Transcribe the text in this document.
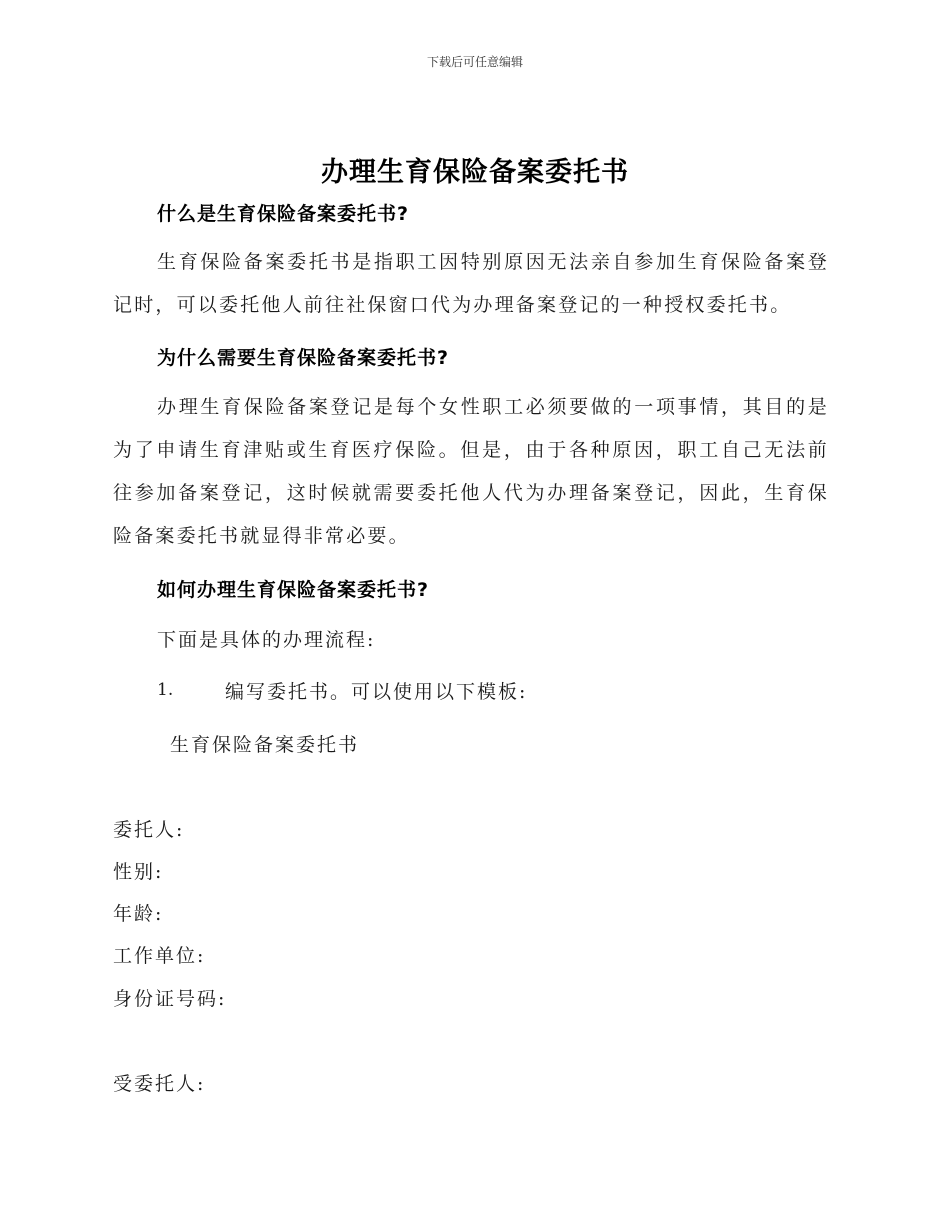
下载后可任意编辑
办理生育保险备案委托书
什么是生育保险备案委托书?
生育保险备案委托书是指职工因特别原因无法亲自参加生育保险备案登记时，可以委托他人前往社保窗口代为办理备案登记的一种授权委托书。
为什么需要生育保险备案委托书?
办理生育保险备案登记是每个女性职工必须要做的一项事情，其目的是为了申请生育津贴或生育医疗保险。但是，由于各种原因，职工自己无法前往参加备案登记，这时候就需要委托他人代为办理备案登记，因此，生育保险备案委托书就显得非常必要。
如何办理生育保险备案委托书?
下面是具体的办理流程:
1.	编写委托书。可以使用以下模板:
生育保险备案委托书
委托人:
性别:
年龄:
工作单位:
身份证号码:
受委托人:
